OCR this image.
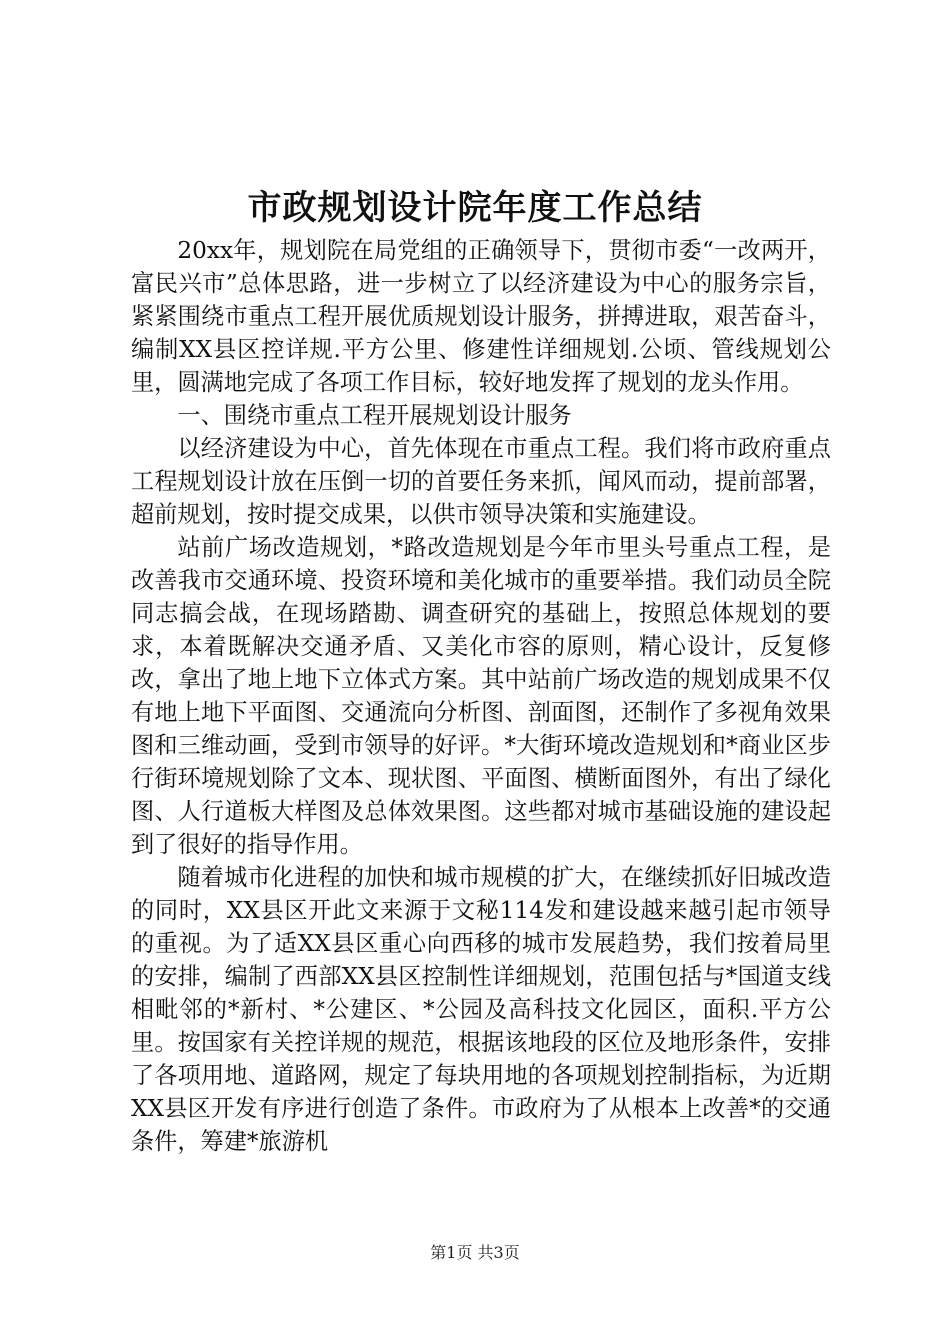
市政规划设计院年度工作总结

20xx年，规划院在局党组的正确领导下，贯彻市委“一改两开，富民兴市”总体思路，进一步树立了以经济建设为中心的服务宗旨，紧紧围绕市重点工程开展优质规划设计服务，拼搏进取，艰苦奋斗，编制XX县区控详规.平方公里、修建性详细规划.公顷、管线规划公里，圆满地完成了各项工作目标，较好地发挥了规划的龙头作用。

一、围绕市重点工程开展规划设计服务

以经济建设为中心，首先体现在市重点工程。我们将市政府重点工程规划设计放在压倒一切的首要任务来抓，闻风而动，提前部署，超前规划，按时提交成果，以供市领导决策和实施建设。

站前广场改造规划，*路改造规划是今年市里头号重点工程，是改善我市交通环境、投资环境和美化城市的重要举措。我们动员全院同志搞会战，在现场踏勘、调查研究的基础上，按照总体规划的要求，本着既解决交通矛盾、又美化市容的原则，精心设计，反复修改，拿出了地上地下立体式方案。其中站前广场改造的规划成果不仅有地上地下平面图、交通流向分析图、剖面图，还制作了多视角效果图和三维动画，受到市领导的好评。*大街环境改造规划和*商业区步行街环境规划除了文本、现状图、平面图、横断面图外，有出了绿化图、人行道板大样图及总体效果图。这些都对城市基础设施的建设起到了很好的指导作用。

随着城市化进程的加快和城市规模的扩大，在继续抓好旧城改造的同时，XX县区开此文来源于文秘114发和建设越来越引起市领导的重视。为了适XX县区重心向西移的城市发展趋势，我们按着局里的安排，编制了西部XX县区控制性详细规划，范围包括与*国道支线相毗邻的*新村、*公建区、*公园及高科技文化园区，面积.平方公里。按国家有关控详规的规范，根据该地段的区位及地形条件，安排了各项用地、道路网，规定了每块用地的各项规划控制指标，为近期XX县区开发有序进行创造了条件。市政府为了从根本上改善*的交通条件，筹建*旅游机

第1页 共3页
